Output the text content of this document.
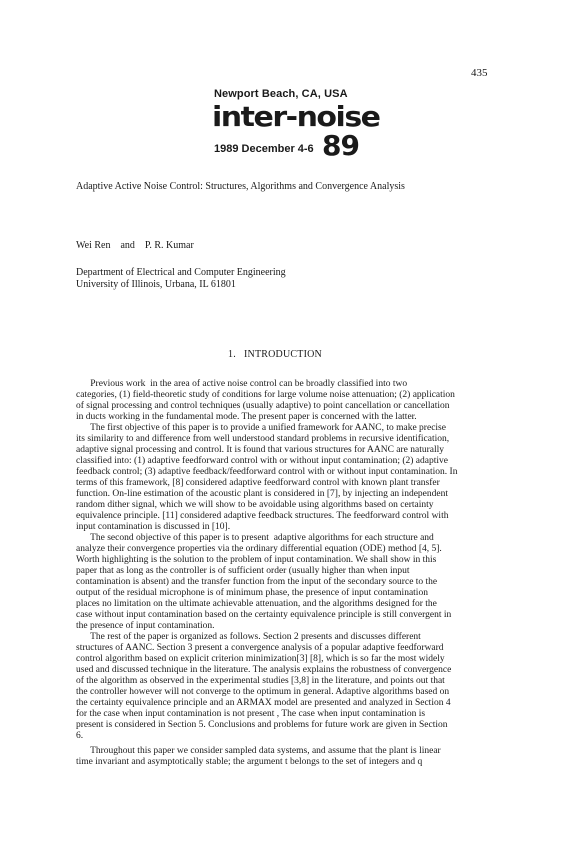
435
Newport Beach, CA, USA
inter-noise
1989 December 4-6 89
Adaptive Active Noise Control: Structures, Algorithms and Convergence Analysis
Wei Ren    and    P. R. Kumar
Department of Electrical and Computer Engineering
University of Illinois, Urbana, IL 61801
1.   INTRODUCTION
Previous work  in the area of active noise control can be broadly classified into two
categories, (1) field-theoretic study of conditions for large volume noise attenuation; (2) application
of signal processing and control techniques (usually adaptive) to point cancellation or cancellation
in ducts working in the fundamental mode. The present paper is concerned with the latter.
The first objective of this paper is to provide a unified framework for AANC, to make precise
its similarity to and difference from well understood standard problems in recursive identification,
adaptive signal processing and control. It is found that various structures for AANC are naturally
classified into: (1) adaptive feedforward control with or without input contamination; (2) adaptive
feedback control; (3) adaptive feedback/feedforward control with or without input contamination. In
terms of this framework, [8] considered adaptive feedforward control with known plant transfer
function. On-line estimation of the acoustic plant is considered in [7], by injecting an independent
random dither signal, which we will show to be avoidable using algorithms based on certainty
equivalence principle. [11] considered adaptive feedback structures. The feedforward control with
input contamination is discussed in [10].
The second objective of this paper is to present  adaptive algorithms for each structure and
analyze their convergence properties via the ordinary differential equation (ODE) method [4, 5].
Worth highlighting is the solution to the problem of input contamination. We shall show in this
paper that as long as the controller is of sufficient order (usually higher than when input
contamination is absent) and the transfer function from the input of the secondary source to the
output of the residual microphone is of minimum phase, the presence of input contamination
places no limitation on the ultimate achievable attenuation, and the algorithms designed for the
case without input contamination based on the certainty equivalence principle is still convergent in
the presence of input contamination.
The rest of the paper is organized as follows. Section 2 presents and discusses different
structures of AANC. Section 3 present a convergence analysis of a popular adaptive feedforward
control algorithm based on explicit criterion minimization[3] [8], which is so far the most widely
used and discussed technique in the literature. The analysis explains the robustness of convergence
of the algorithm as observed in the experimental studies [3,8] in the literature, and points out that
the controller however will not converge to the optimum in general. Adaptive algorithms based on
the certainty equivalence principle and an ARMAX model are presented and analyzed in Section 4
for the case when input contamination is not present , The case when input contamination is
present is considered in Section 5. Conclusions and problems for future work are given in Section
6.
Throughout this paper we consider sampled data systems, and assume that the plant is linear
time invariant and asymptotically stable; the argument t belongs to the set of integers and q
